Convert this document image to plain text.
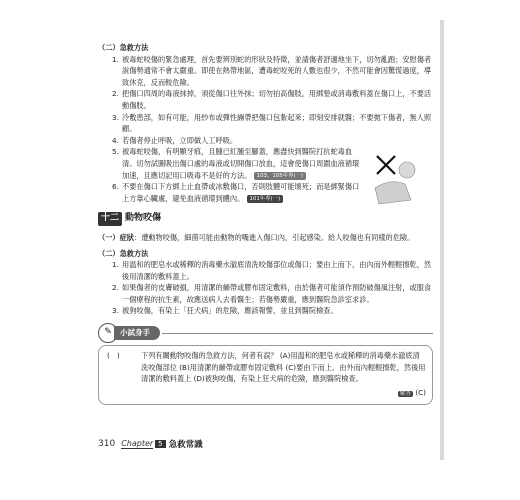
（二）急救方法
1. 被毒蛇咬傷的緊急處理，首先要辨別蛇的形狀及特徵，並請傷者舒適地坐下，切勿亂跑；安慰傷者說傷勢通常不會太嚴重。即使在熱帶地區，遭毒蛇咬死的人數也很少，不然可能會因驚慌過度，導致休克，反而較危險。
2. 把傷口四周的毒液抹掉，須從傷口往外抹；切勿拍高傷肢，用綁墊或消毒敷料蓋在傷口上，不要活動傷肢。
3. 冷敷患部，如有可能，用紗布或彈性繃帶把傷口包紮起來；即刻安排就醫；不要拋下傷者，無人照顧。
4. 若傷者停止呼吸，立即做人工呼吸。
5. 被毒蛇咬傷，有明顯牙痕，且腫已紅腫至腳蓋，應盡快到醫院打抗蛇毒血清。切勿試圖吸出傷口處的毒液或切開傷口放血，這會使傷口周圍血液循環加速，且應切記用口吸毒不是好的方法。 103、105年專(一)
6. 不要在傷口下方綁上止血帶或冰敷傷口，否則肢體可能壞死；而是綁緊傷口上方靠心臟處，避免血液循環到體內。 101年專(一)
十二 動物咬傷
（一）症狀：遭動物咬傷，細菌可能由動物的嘴進入傷口內，引起感染。給人咬傷也有同樣的危險。
（二）急救方法
1. 用温和的肥皂水或稀釋的消毒藥水澈底清洗咬傷部位或傷口；要由上而下，由內而外輕輕擦乾，然後用清潔的敷料蓋上。
2. 如果傷者的皮膚破損，用清潔的繃帶或膠布固定敷料，由於傷者可能須作預防破傷風注射，或服食一個療程的抗生素，故應送病人去看醫生；若傷勢嚴重，應到醫院急診室求診。
3. 被狗咬傷，有染上「狂犬病」的危險，應該報警，並且到醫院檢查。
✎	小試身手
(　)	下列有關動物咬傷的急救方法，何者有誤？ (A)用温和的肥皂水或稀釋的消毒藥水澈底清洗咬傷部位 (B)用清潔的繃帶或膠布固定敷料 (C)要由下而上、由外而內輕輕擦乾，然後用清潔的敷料蓋上 (D)被狗咬傷，有染上狂犬病的危險，應到醫院檢查。
解答 (C)
310 Chapter 5 急救常識
